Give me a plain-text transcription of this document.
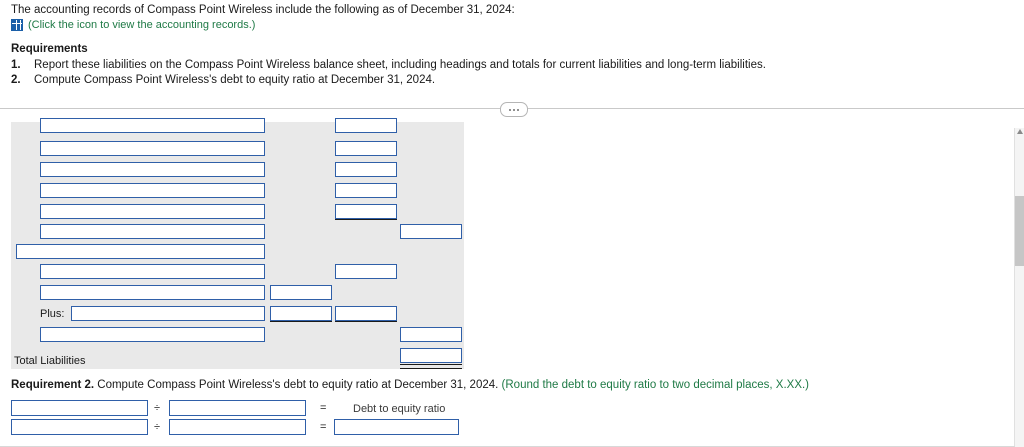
The accounting records of Compass Point Wireless include the following as of December 31, 2024:
(Click the icon to view the accounting records.)
Requirements
1. Report these liabilities on the Compass Point Wireless balance sheet, including headings and totals for current liabilities and long-term liabilities.
2. Compute Compass Point Wireless's debt to equity ratio at December 31, 2024.
Plus:
Total Liabilities
Requirement 2. Compute Compass Point Wireless's debt to equity ratio at December 31, 2024. (Round the debt to equity ratio to two decimal places, X.XX.)
÷	= Debt to equity ratio
÷	=
